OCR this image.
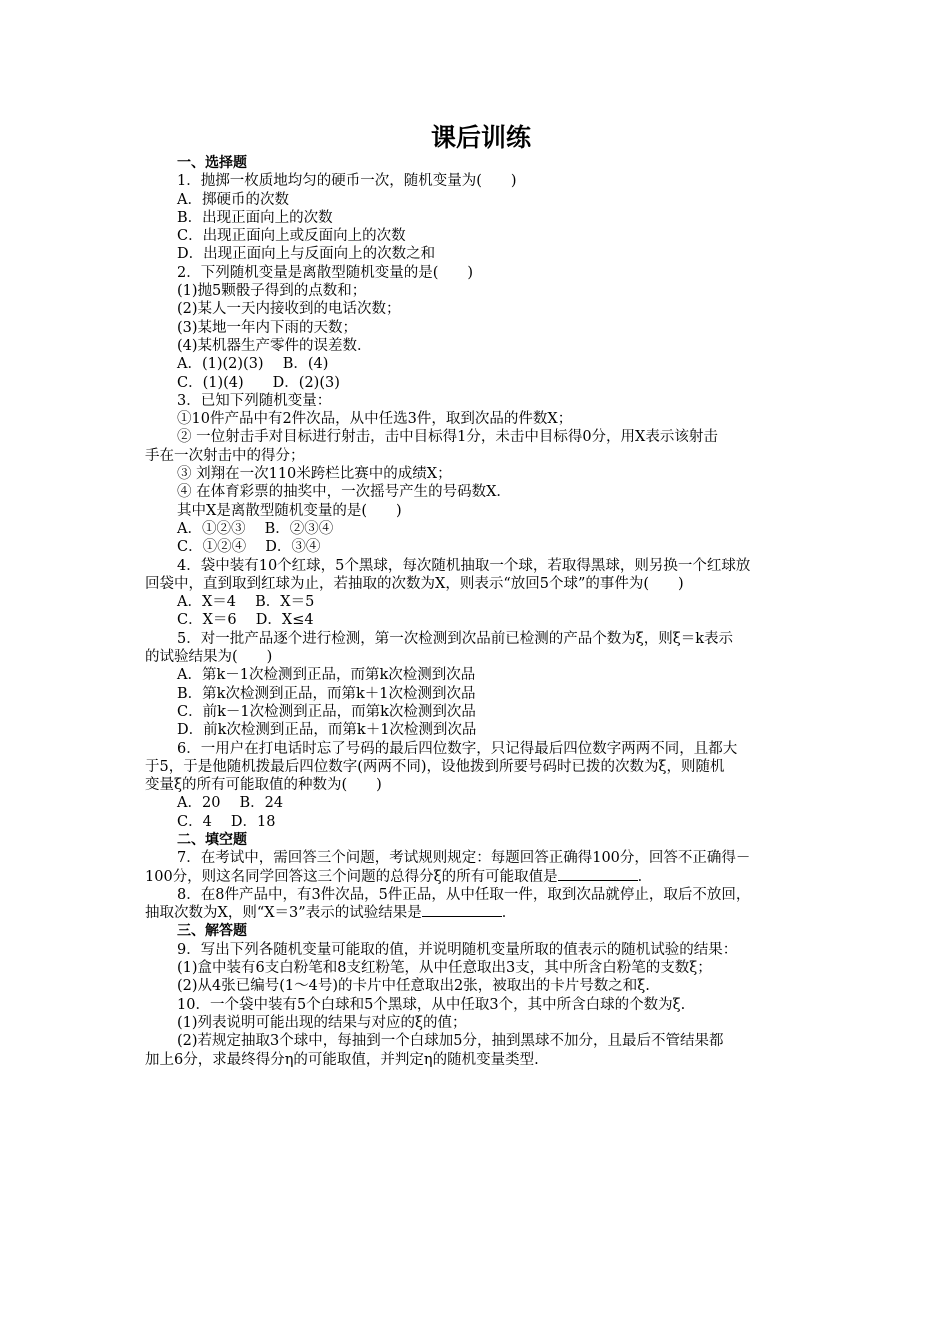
课后训练
一、选择题
1．抛掷一枚质地均匀的硬币一次，随机变量为(　　)
A．掷硬币的次数
B．出现正面向上的次数
C．出现正面向上或反面向上的次数
D．出现正面向上与反面向上的次数之和
2．下列随机变量是离散型随机变量的是(　　)
(1)抛5颗骰子得到的点数和；
(2)某人一天内接收到的电话次数；
(3)某地一年内下雨的天数；
(4)某机器生产零件的误差数．
A．(1)(2)(3)　 B．(4)
C．(1)(4)　　D．(2)(3)
3．已知下列随机变量：
①10件产品中有2件次品，从中任选3件，取到次品的件数X；
② 一位射击手对目标进行射击，击中目标得1分，未击中目标得0分，用X表示该射击
手在一次射击中的得分；
③ 刘翔在一次110米跨栏比赛中的成绩X；
④ 在体育彩票的抽奖中，一次摇号产生的号码数X．
其中X是离散型随机变量的是(　　)
A．①②③　 B．②③④
C．①②④　 D．③④
4．袋中装有10个红球，5个黑球，每次随机抽取一个球，若取得黑球，则另换一个红球放
回袋中，直到取到红球为止，若抽取的次数为X，则表示“放回5个球”的事件为(　　)
A．X＝4　 B．X＝5
C．X＝6　 D．X≤4
5．对一批产品逐个进行检测，第一次检测到次品前已检测的产品个数为ξ，则ξ＝k表示
的试验结果为(　　)
A．第k－1次检测到正品，而第k次检测到次品
B．第k次检测到正品，而第k＋1次检测到次品
C．前k－1次检测到正品，而第k次检测到次品
D．前k次检测到正品，而第k＋1次检测到次品
6．一用户在打电话时忘了号码的最后四位数字，只记得最后四位数字两两不同，且都大
于5，于是他随机拨最后四位数字(两两不同)，设他拨到所要号码时已拨的次数为ξ，则随机
变量ξ的所有可能取值的种数为(　　)
A．20　 B．24
C．4　 D．18
二、填空题
7．在考试中，需回答三个问题，考试规则规定：每题回答正确得100分，回答不正确得－
100分，则这名同学回答这三个问题的总得分ξ的所有可能取值是	．
8．在8件产品中，有3件次品，5件正品，从中任取一件，取到次品就停止，取后不放回，
抽取次数为X，则“X＝3”表示的试验结果是	．
三、解答题
9．写出下列各随机变量可能取的值，并说明随机变量所取的值表示的随机试验的结果：
(1)盒中装有6支白粉笔和8支红粉笔，从中任意取出3支，其中所含白粉笔的支数ξ；
(2)从4张已编号(1～4号)的卡片中任意取出2张，被取出的卡片号数之和ξ.
10．一个袋中装有5个白球和5个黑球，从中任取3个，其中所含白球的个数为ξ.
(1)列表说明可能出现的结果与对应的ξ的值；
(2)若规定抽取3个球中，每抽到一个白球加5分，抽到黑球不加分，且最后不管结果都
加上6分，求最终得分η的可能取值，并判定η的随机变量类型.
